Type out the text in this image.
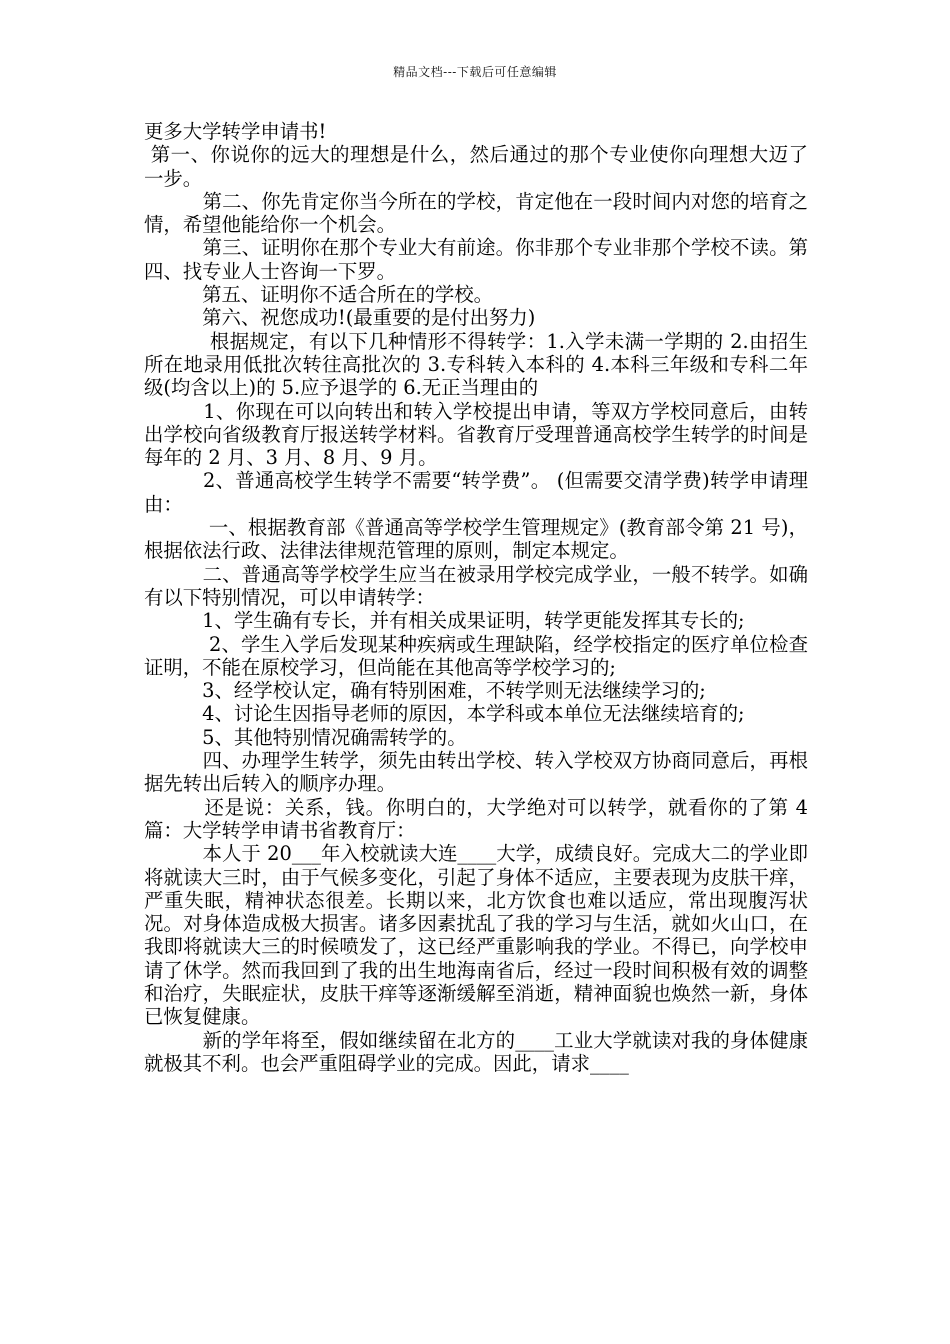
精品文档---下载后可任意编辑

更多大学转学申请书!

第一、你说你的远大的理想是什么，然后通过的那个专业使你向理想大迈了一步。

　　　第二、你先肯定你当今所在的学校，肯定他在一段时间内对您的培育之情，希望他能给你一个机会。

　　　第三、证明你在那个专业大有前途。你非那个专业非那个学校不读。第四、找专业人士咨询一下罗。

　　　第五、证明你不适合所在的学校。

　　　第六、祝您成功!(最重要的是付出努力)

　　　 根据规定，有以下几种情形不得转学：1.入学未满一学期的 2.由招生所在地录用低批次转往高批次的 3.专科转入本科的 4.本科三年级和专科二年级(均含以上)的 5.应予退学的 6.无正当理由的

　　　1、你现在可以向转出和转入学校提出申请，等双方学校同意后，由转出学校向省级教育厅报送转学材料。省教育厅受理普通高校学生转学的时间是每年的 2 月、3 月、8 月、9 月。

　　　2、普通高校学生转学不需要“转学费”。 (但需要交清学费)转学申请理由：

　　　 一、根据教育部《普通高等学校学生管理规定》(教育部令第 21 号)，根据依法行政、法律法律规范管理的原则，制定本规定。

　　　二、普通高等学校学生应当在被录用学校完成学业，一般不转学。如确有以下特别情况，可以申请转学：

　　　1、学生确有专长，并有相关成果证明，转学更能发挥其专长的;

　　　 2、学生入学后发现某种疾病或生理缺陷，经学校指定的医疗单位检查证明，不能在原校学习，但尚能在其他高等学校学习的;

　　　3、经学校认定，确有特别困难，不转学则无法继续学习的;

　　　4、讨论生因指导老师的原因，本学科或本单位无法继续培育的;

　　　5、其他特别情况确需转学的。

　　　四、办理学生转学，须先由转出学校、转入学校双方协商同意后，再根据先转出后转入的顺序办理。

　　　还是说：关系，钱。你明白的，大学绝对可以转学，就看你的了第 4 篇：大学转学申请书省教育厅：

　　　本人于 20___年入校就读大连____大学，成绩良好。完成大二的学业即将就读大三时，由于气候多变化，引起了身体不适应，主要表现为皮肤干痒，严重失眠，精神状态很差。长期以来，北方饮食也难以适应，常出现腹泻状况。对身体造成极大损害。诸多因素扰乱了我的学习与生活，就如火山口，在我即将就读大三的时候喷发了，这已经严重影响我的学业。不得已，向学校申请了休学。然而我回到了我的出生地海南省后，经过一段时间积极有效的调整和治疗，失眠症状，皮肤干痒等逐渐缓解至消逝，精神面貌也焕然一新，身体已恢复健康。

　　　新的学年将至，假如继续留在北方的____工业大学就读对我的身体健康就极其不利。也会严重阻碍学业的完成。因此，请求____
